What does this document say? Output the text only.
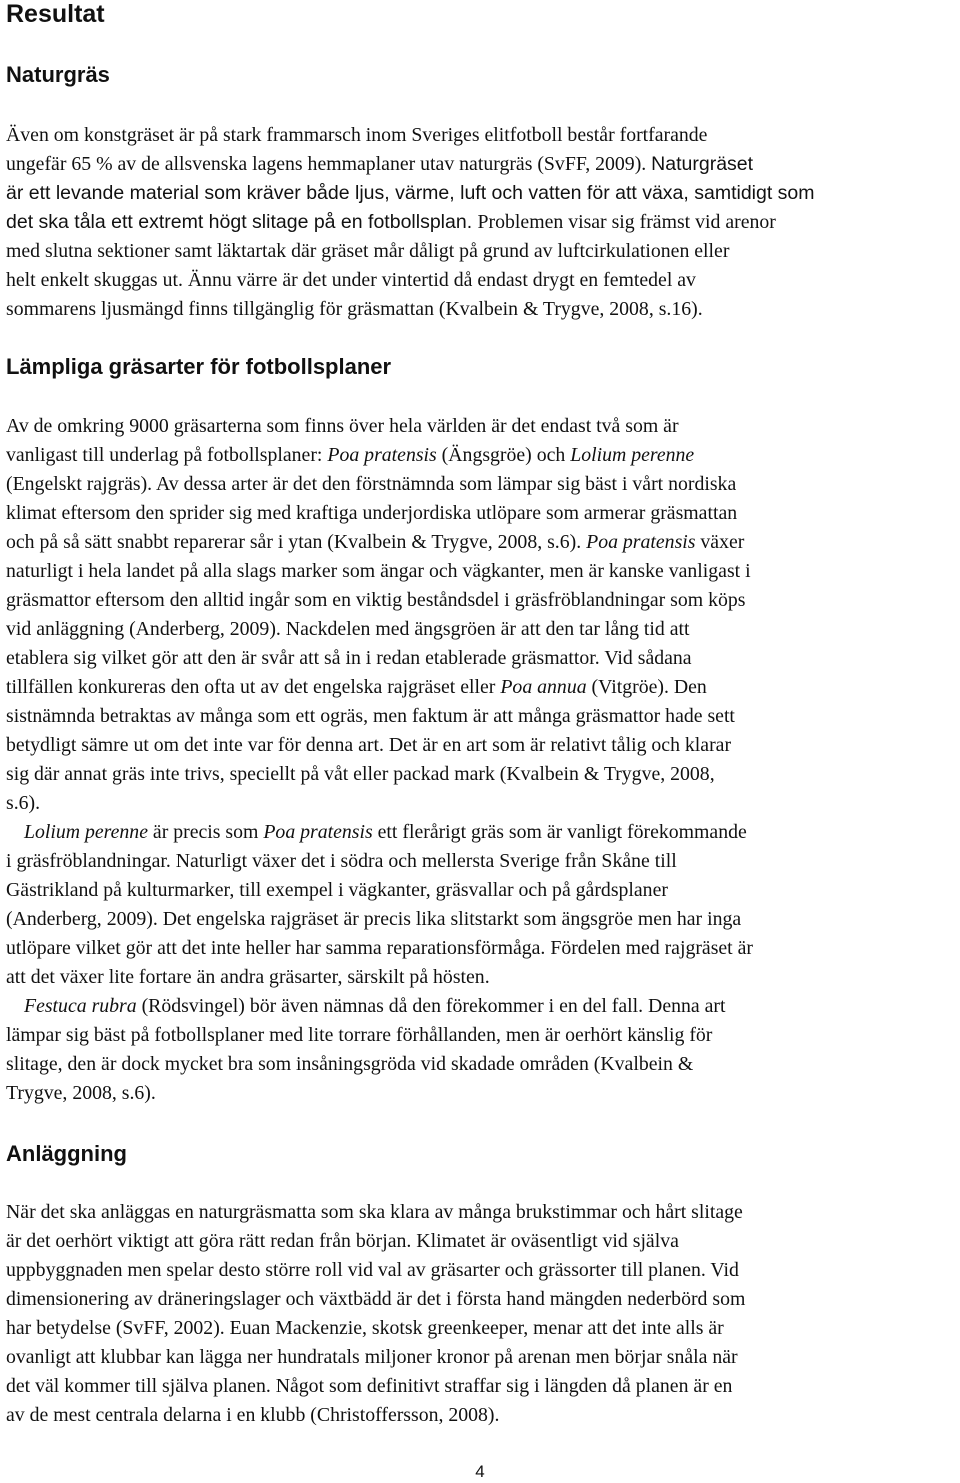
Resultat
Naturgräs
Även om konstgräset är på stark frammarsch inom Sveriges elitfotboll består fortfarande
ungefär 65 % av de allsvenska lagens hemmaplaner utav naturgräs (SvFF, 2009). Naturgräset
är ett levande material som kräver både ljus, värme, luft och vatten för att växa, samtidigt som
det ska tåla ett extremt högt slitage på en fotbollsplan. Problemen visar sig främst vid arenor
med slutna sektioner samt läktartak där gräset mår dåligt på grund av luftcirkulationen eller
helt enkelt skuggas ut. Ännu värre är det under vintertid då endast drygt en femtedel av
sommarens ljusmängd finns tillgänglig för gräsmattan (Kvalbein & Trygve, 2008, s.16).
Lämpliga gräsarter för fotbollsplaner
Av de omkring 9000 gräsarterna som finns över hela världen är det endast två som är
vanligast till underlag på fotbollsplaner: Poa pratensis (Ängsgröe) och Lolium perenne
(Engelskt rajgräs). Av dessa arter är det den förstnämnda som lämpar sig bäst i vårt nordiska
klimat eftersom den sprider sig med kraftiga underjordiska utlöpare som armerar gräsmattan
och på så sätt snabbt reparerar sår i ytan (Kvalbein & Trygve, 2008, s.6). Poa pratensis växer
naturligt i hela landet på alla slags marker som ängar och vägkanter, men är kanske vanligast i
gräsmattor eftersom den alltid ingår som en viktig beståndsdel i gräsfröblandningar som köps
vid anläggning (Anderberg, 2009). Nackdelen med ängsgröen är att den tar lång tid att
etablera sig vilket gör att den är svår att så in i redan etablerade gräsmattor. Vid sådana
tillfällen konkureras den ofta ut av det engelska rajgräset eller Poa annua (Vitgröe). Den
sistnämnda betraktas av många som ett ogräs, men faktum är att många gräsmattor hade sett
betydligt sämre ut om det inte var för denna art. Det är en art som är relativt tålig och klarar
sig där annat gräs inte trivs, speciellt på våt eller packad mark (Kvalbein & Trygve, 2008,
s.6).
Lolium perenne är precis som Poa pratensis ett flerårigt gräs som är vanligt förekommande
i gräsfröblandningar. Naturligt växer det i södra och mellersta Sverige från Skåne till
Gästrikland på kulturmarker, till exempel i vägkanter, gräsvallar och på gårdsplaner
(Anderberg, 2009). Det engelska rajgräset är precis lika slitstarkt som ängsgröe men har inga
utlöpare vilket gör att det inte heller har samma reparationsförmåga. Fördelen med rajgräset är
att det växer lite fortare än andra gräsarter, särskilt på hösten.
Festuca rubra (Rödsvingel) bör även nämnas då den förekommer i en del fall. Denna art
lämpar sig bäst på fotbollsplaner med lite torrare förhållanden, men är oerhört känslig för
slitage, den är dock mycket bra som insåningsgröda vid skadade områden (Kvalbein &
Trygve, 2008, s.6).
Anläggning
När det ska anläggas en naturgräsmatta som ska klara av många brukstimmar och hårt slitage
är det oerhört viktigt att göra rätt redan från början. Klimatet är oväsentligt vid själva
uppbyggnaden men spelar desto större roll vid val av gräsarter och grässorter till planen. Vid
dimensionering av dräneringslager och växtbädd är det i första hand mängden nederbörd som
har betydelse (SvFF, 2002). Euan Mackenzie, skotsk greenkeeper, menar att det inte alls är
ovanligt att klubbar kan lägga ner hundratals miljoner kronor på arenan men börjar snåla när
det väl kommer till själva planen. Något som definitivt straffar sig i längden då planen är en
av de mest centrala delarna i en klubb (Christoffersson, 2008).
4
